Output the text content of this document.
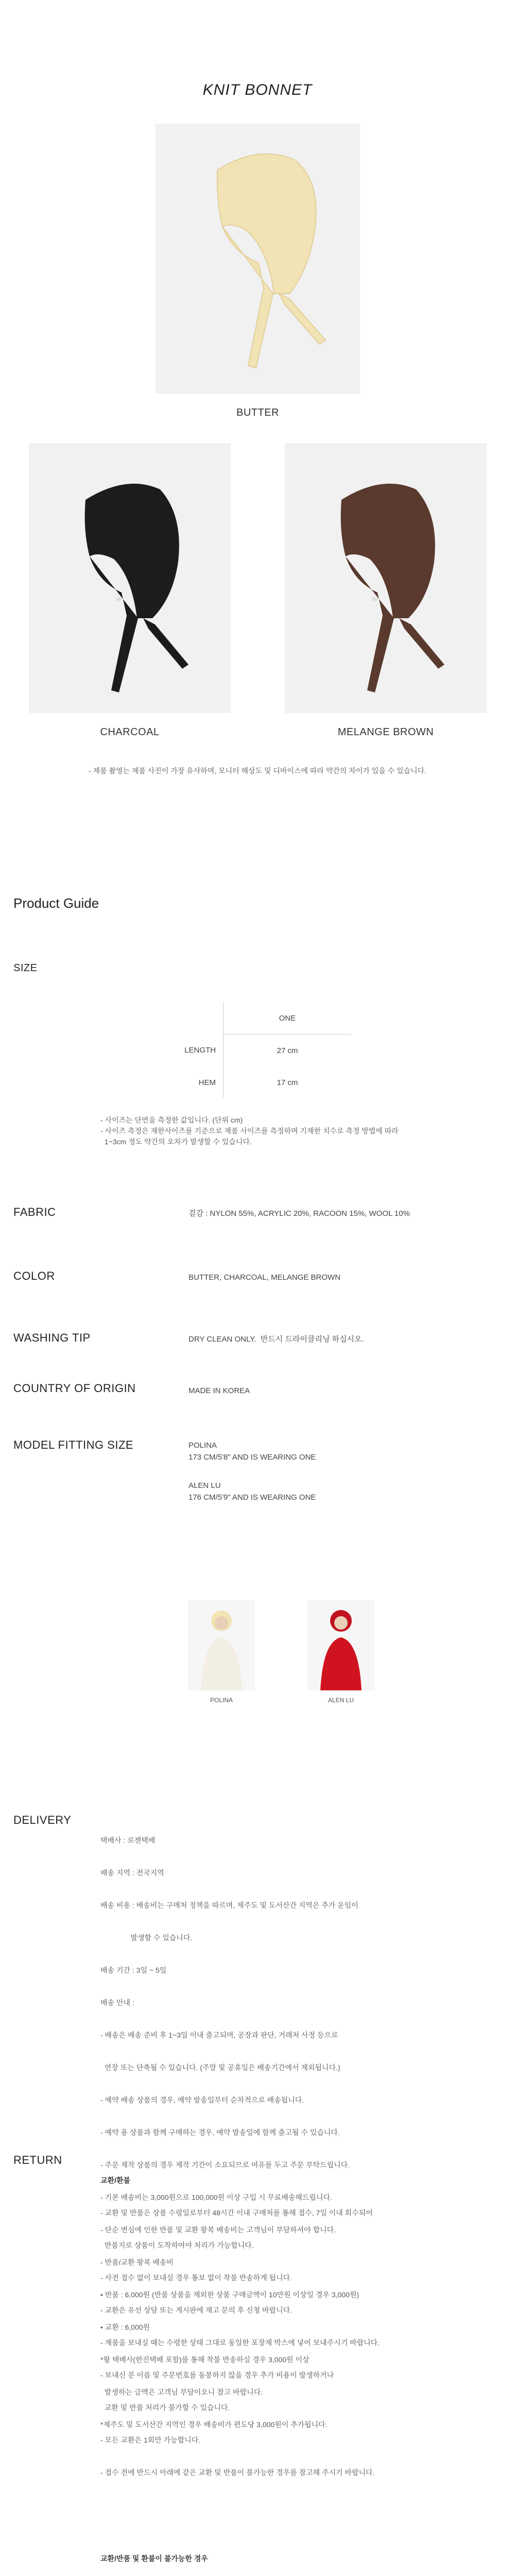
KNIT BONNET
BUTTER
CHARCOAL	MELANGE BROWN
- 제품 촬영는 제품 사진이 가장 유사하며, 모니터 해상도 및 디바이스에 따라 약간의 차이가 있을 수 있습니다.
Product Guide
SIZE
	ONE
LENGTH	27 cm
HEM	17 cm
- 사이즈는 단면을 측정한 값입니다. (단위 cm)
- 사이즈 측정은 재한사이즈를 기준으로 제품 사이즈를 측정하며 기재한 치수로 측정 방법에 따라
1~3cm 정도 약간의 오차가 발생할 수 있습니다.
FABRIC	겉감 : NYLON 55%, ACRYLIC 20%, RACOON 15%, WOOL 10%
COLOR	BUTTER, CHARCOAL, MELANGE BROWN
WASHING TIP	DRY CLEAN ONLY.  반드시 드라이클리닝 하십시오.
COUNTRY OF ORIGIN	MADE IN KOREA
MODEL FITTING SIZE	POLINA
173 CM/5'8" AND IS WEARING ONE
ALEN LU
176 CM/5'9" AND IS WEARING ONE
POLINA	ALEN LU
DELIVERY

택배사 : 로젠택배

배송 지역 : 전국지역

배송 비용 : 배송비는 구매처 정책을 따르며, 제주도 및 도서산간 지역은 추가 운임이

발생할 수 있습니다.

배송 기간 : 3일 ~ 5일

배송 안내 :

- 배송은 배송 준비 후 1~3일 이내 출고되며, 공장과 판단, 거래처 사정 등으로

연장 또는 단축될 수 있습니다. (주말 및 공휴일은 배송기간에서 제외됩니다.)

- 예약 배송 상품의 경우, 예약 발송일부터 순차적으로 배송됩니다.

- 예약 용 상품과 함께 구매하는 경우, 예약 발송일에 함께 출고될 수 있습니다.

- 주문 제작 상품의 경우 제작 기간이 소요되므로 여유를 두고 주문 부탁드립니다.

- 기본 배송비는 3,000원으로 100,000원 이상 구입 시 무료배송해드립니다.

- 단순 변심에 인한 반품 및 교환 왕복 배송비는 고객님이 부담하셔야 합니다.

- 반품/교환 왕복 배송비

• 반품 : 6,000원 (반품 상품을 제외한 상품 구매금액이 10만원 이상일 경우 3,000원)

• 교환 : 6,000원

*왕 택배사(한진택배 포함)를 통해 착불 반송하실 경우 3,000원 이상

발생하는 금액은 고객님 부담이오니 참고 바랍니다.

*제주도 및 도서산간 지역인 경우 배송비가 편도당 3,000원이 추가됩니다.

RETURN

교환/환불

- 교환 및 반품은 상품 수령일로부터 48시간 이내 구매처를 통해 접수, 7일 이내 회수되어

반품지로 상품이 도착하여야 처리가 가능합니다.

- 사전 접수 없이 보내실 경우 통보 없이 착불 반송하게 됩니다.

- 교환은 유선 상담 또는 게시판에 재고 문의 후 신청 바랍니다.

- 제품을 보내실 때는 수령한 상태 그대로 동일한 포장재 박스에 넣어 보내주시기 바랍니다.

- 보내신 분 이름 및 주문번호를 동봉하지 않을 경우 추가 비용이 발생하거나

교환 및 반품 처리가 불가할 수 있습니다.

- 모든 교환은 1회만 가능합니다.

- 접수 전에 반드시 아래에 같은 교환 및 반품이 불가능한 경우를 참고해 주시기 바랍니다.

교환/반품 및 환불이 불가능한 경우
